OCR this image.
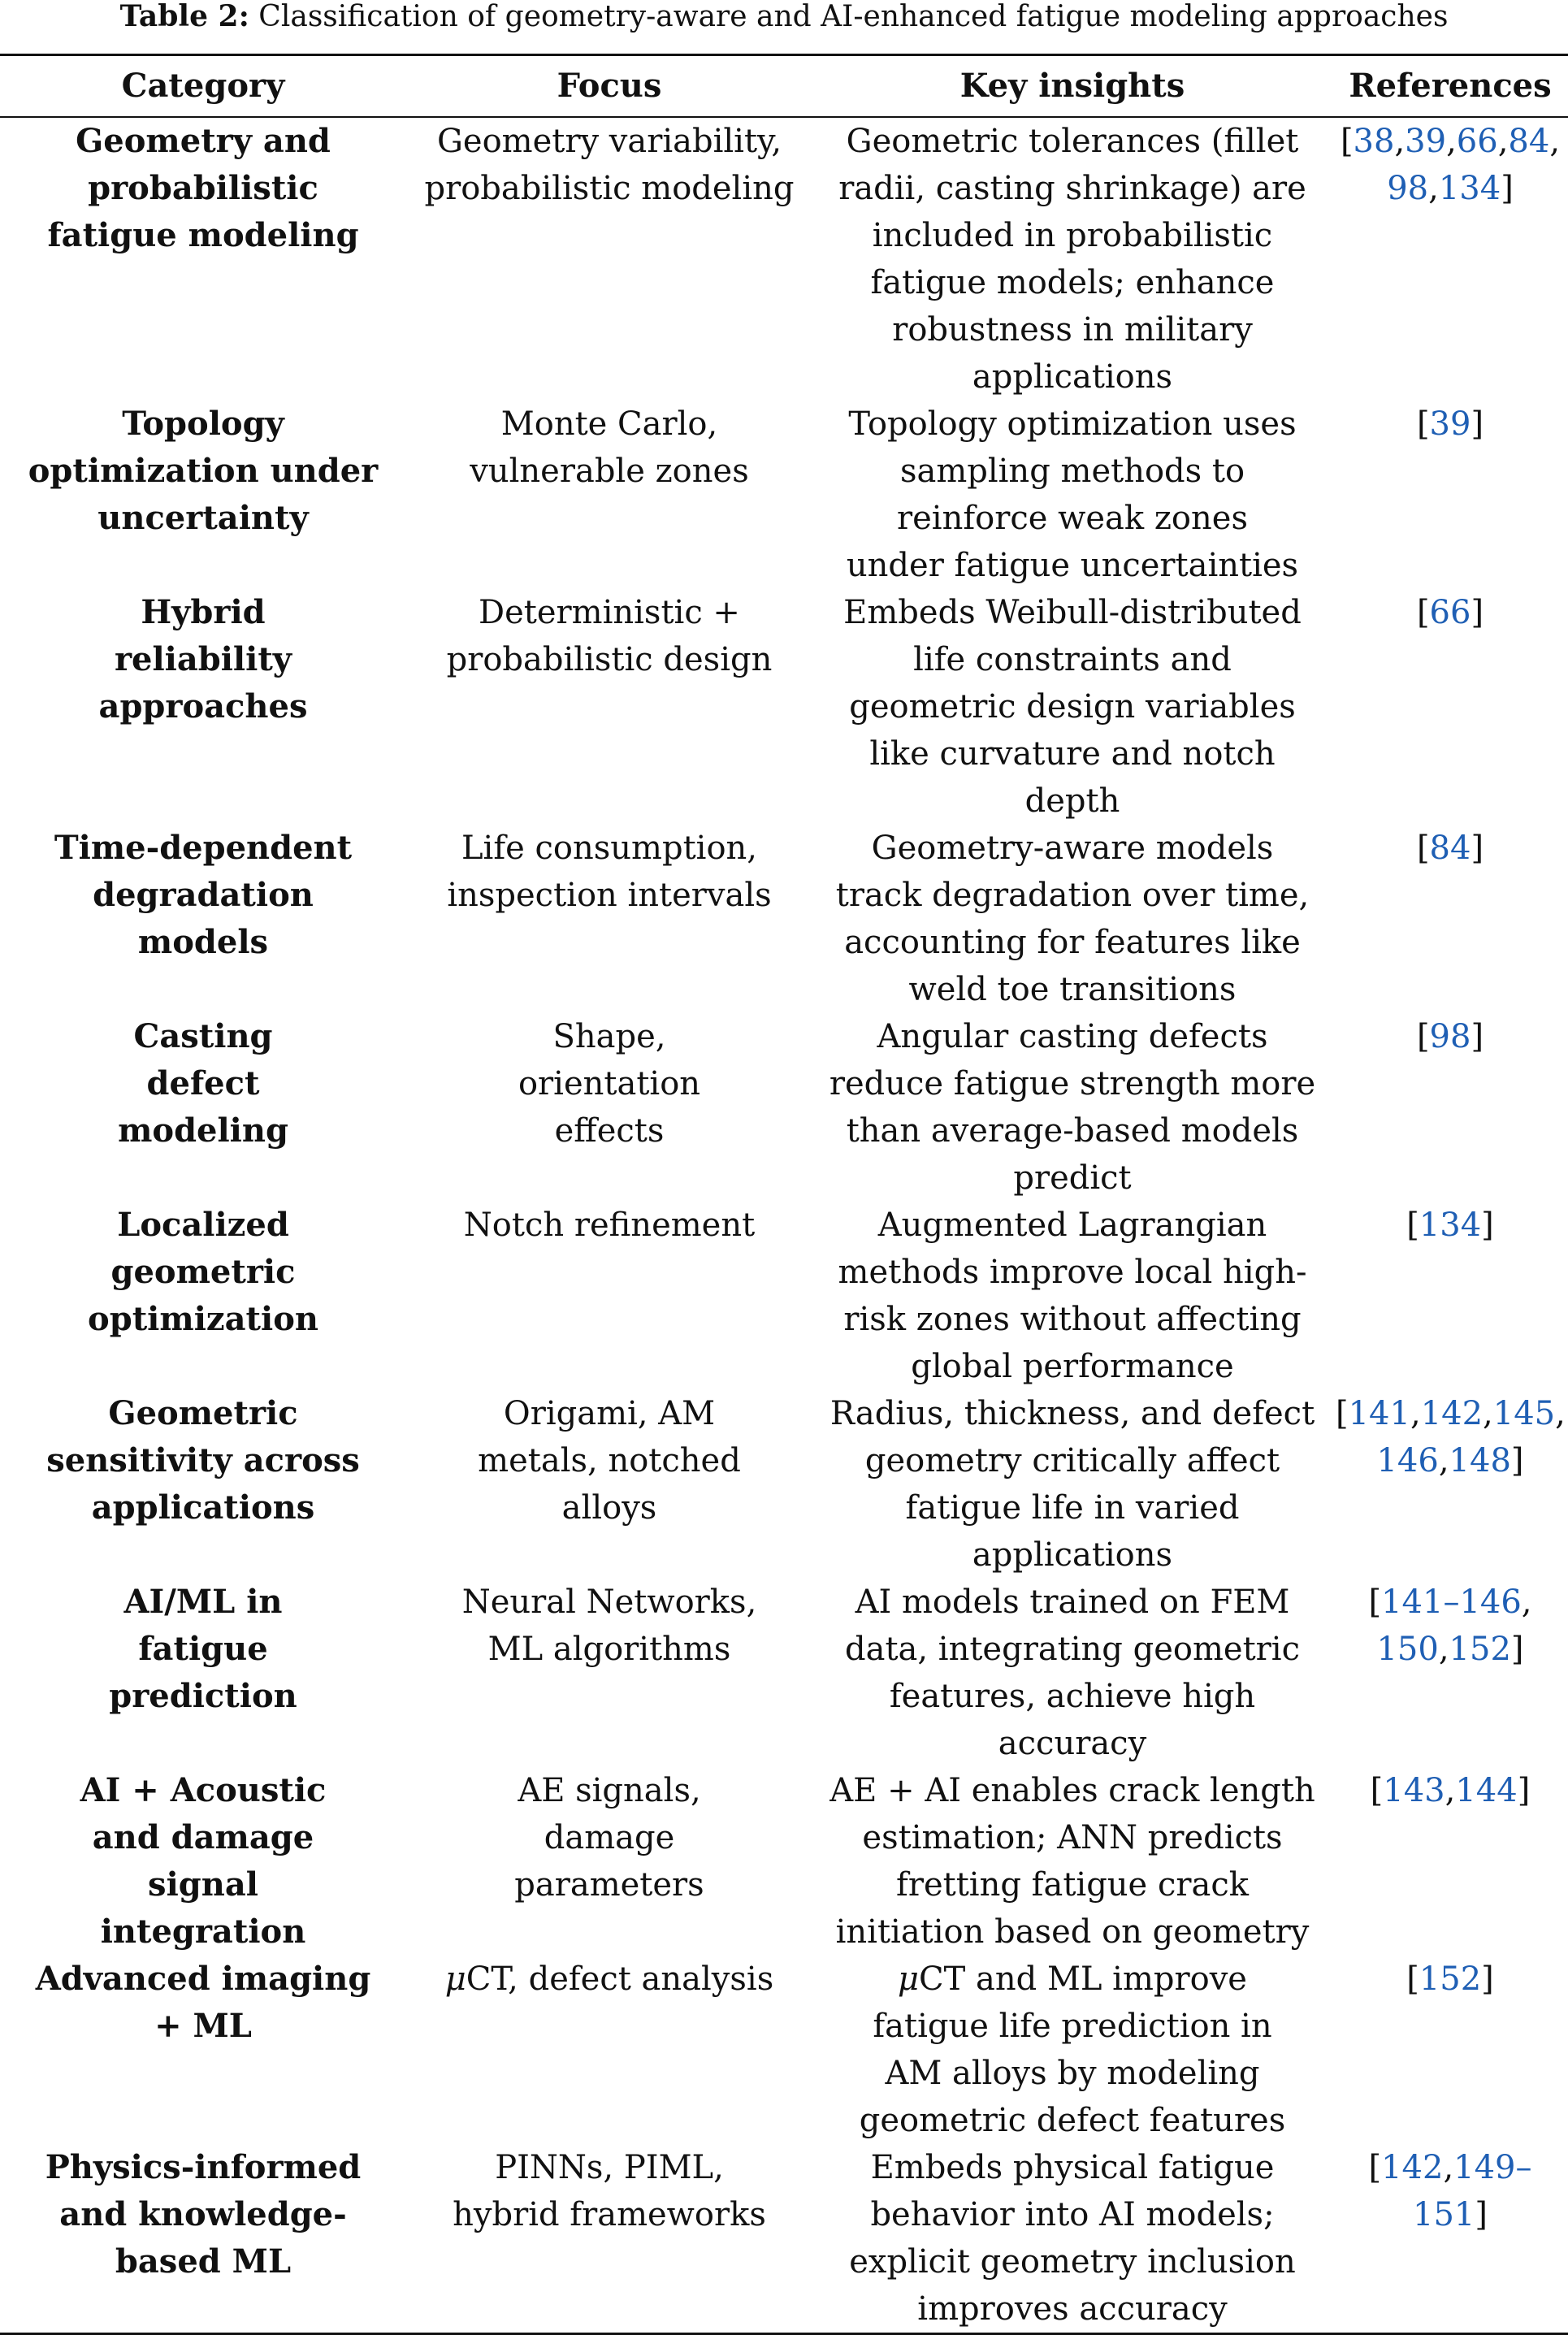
Table 2: Classification of geometry-aware and AI-enhanced fatigue modeling approaches
Category	Focus	Key insights	References
Geometry and probabilistic fatigue modeling	Geometry variability, probabilistic modeling	Geometric tolerances (fillet radii, casting shrinkage) are included in probabilistic fatigue models; enhance robustness in military applications	[38,39,66,84, 98,134]
Topology optimization under uncertainty	Monte Carlo, vulnerable zones	Topology optimization uses sampling methods to reinforce weak zones under fatigue uncertainties	[39]
Hybrid reliability approaches	Deterministic + probabilistic design	Embeds Weibull-distributed life constraints and geometric design variables like curvature and notch depth	[66]
Time-dependent degradation models	Life consumption, inspection intervals	Geometry-aware models track degradation over time, accounting for features like weld toe transitions	[84]
Casting defect modeling	Shape, orientation effects	Angular casting defects reduce fatigue strength more than average-based models predict	[98]
Localized geometric optimization	Notch refinement	Augmented Lagrangian methods improve local high-risk zones without affecting global performance	[134]
Geometric sensitivity across applications	Origami, AM metals, notched alloys	Radius, thickness, and defect geometry critically affect fatigue life in varied applications	[141,142,145, 146,148]
AI/ML in fatigue prediction	Neural Networks, ML algorithms	AI models trained on FEM data, integrating geometric features, achieve high accuracy	[141–146, 150,152]
AI + Acoustic and damage signal integration	AE signals, damage parameters	AE + AI enables crack length estimation; ANN predicts fretting fatigue crack initiation based on geometry	[143,144]
Advanced imaging + ML	μCT, defect analysis	μCT and ML improve fatigue life prediction in AM alloys by modeling geometric defect features	[152]
Physics-informed and knowledge-based ML	PINNs, PIML, hybrid frameworks	Embeds physical fatigue behavior into AI models; explicit geometry inclusion improves accuracy	[142,149–151]
